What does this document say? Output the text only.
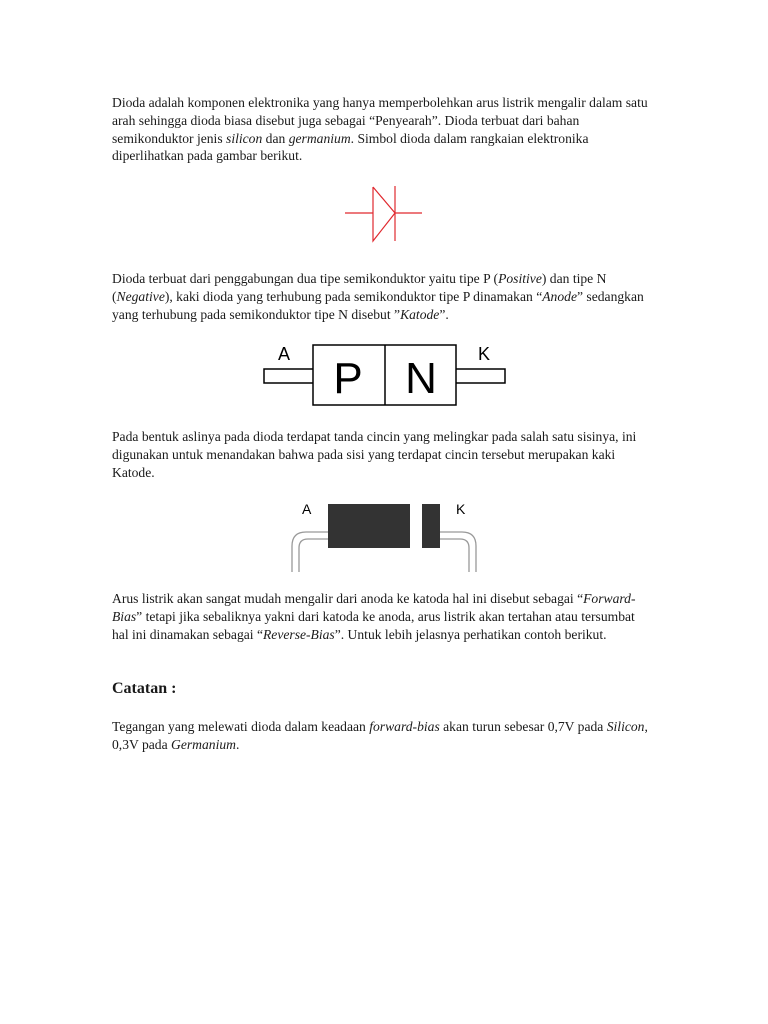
Dioda adalah komponen elektronika yang hanya memperbolehkan arus listrik mengalir dalam satu arah sehingga dioda biasa disebut juga sebagai “Penyearah”. Dioda terbuat dari bahan semikonduktor jenis silicon dan germanium. Simbol dioda dalam rangkaian elektronika diperlihatkan pada gambar berikut.

Dioda terbuat dari penggabungan dua tipe semikonduktor yaitu tipe P (Positive) dan tipe N (Negative), kaki dioda yang terhubung pada semikonduktor tipe P dinamakan “Anode” sedangkan yang terhubung pada semikonduktor tipe N disebut ”Katode”.

A	K
P N

Pada bentuk aslinya pada dioda terdapat tanda cincin yang melingkar pada salah satu sisinya, ini digunakan untuk menandakan bahwa pada sisi yang terdapat cincin tersebut merupakan kaki Katode.

A	K

Arus listrik akan sangat mudah mengalir dari anoda ke katoda hal ini disebut sebagai “Forward-Bias” tetapi jika sebaliknya yakni dari katoda ke anoda, arus listrik akan tertahan atau tersumbat hal ini dinamakan sebagai “Reverse-Bias”. Untuk lebih jelasnya perhatikan contoh berikut.

Catatan :

Tegangan yang melewati dioda dalam keadaan forward-bias akan turun sebesar 0,7V pada Silicon, 0,3V pada Germanium.
